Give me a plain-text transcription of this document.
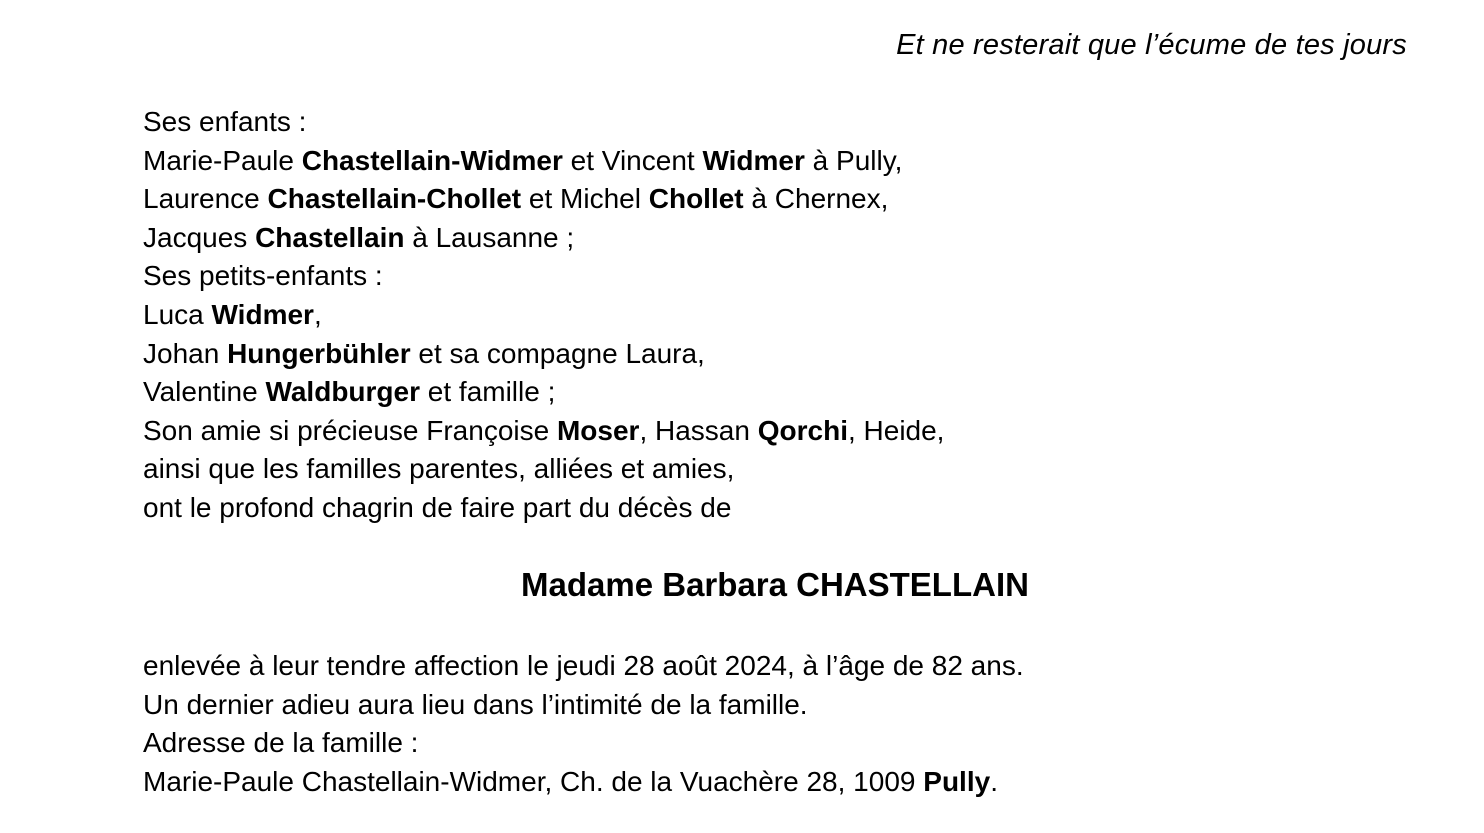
Et ne resterait que l’écume de tes jours
Ses enfants :
Marie-Paule Chastellain-Widmer et Vincent Widmer à Pully,
Laurence Chastellain-Chollet et Michel Chollet à Chernex,
Jacques Chastellain à Lausanne ;
Ses petits-enfants :
Luca Widmer,
Johan Hungerbühler et sa compagne Laura,
Valentine Waldburger et famille ;
Son amie si précieuse Françoise Moser, Hassan Qorchi, Heide,
ainsi que les familles parentes, alliées et amies,
ont le profond chagrin de faire part du décès de
Madame Barbara CHASTELLAIN
enlevée à leur tendre affection le jeudi 28 août 2024, à l’âge de 82 ans.
Un dernier adieu aura lieu dans l’intimité de la famille.
Adresse de la famille :
Marie-Paule Chastellain-Widmer, Ch. de la Vuachère 28, 1009 Pully.
